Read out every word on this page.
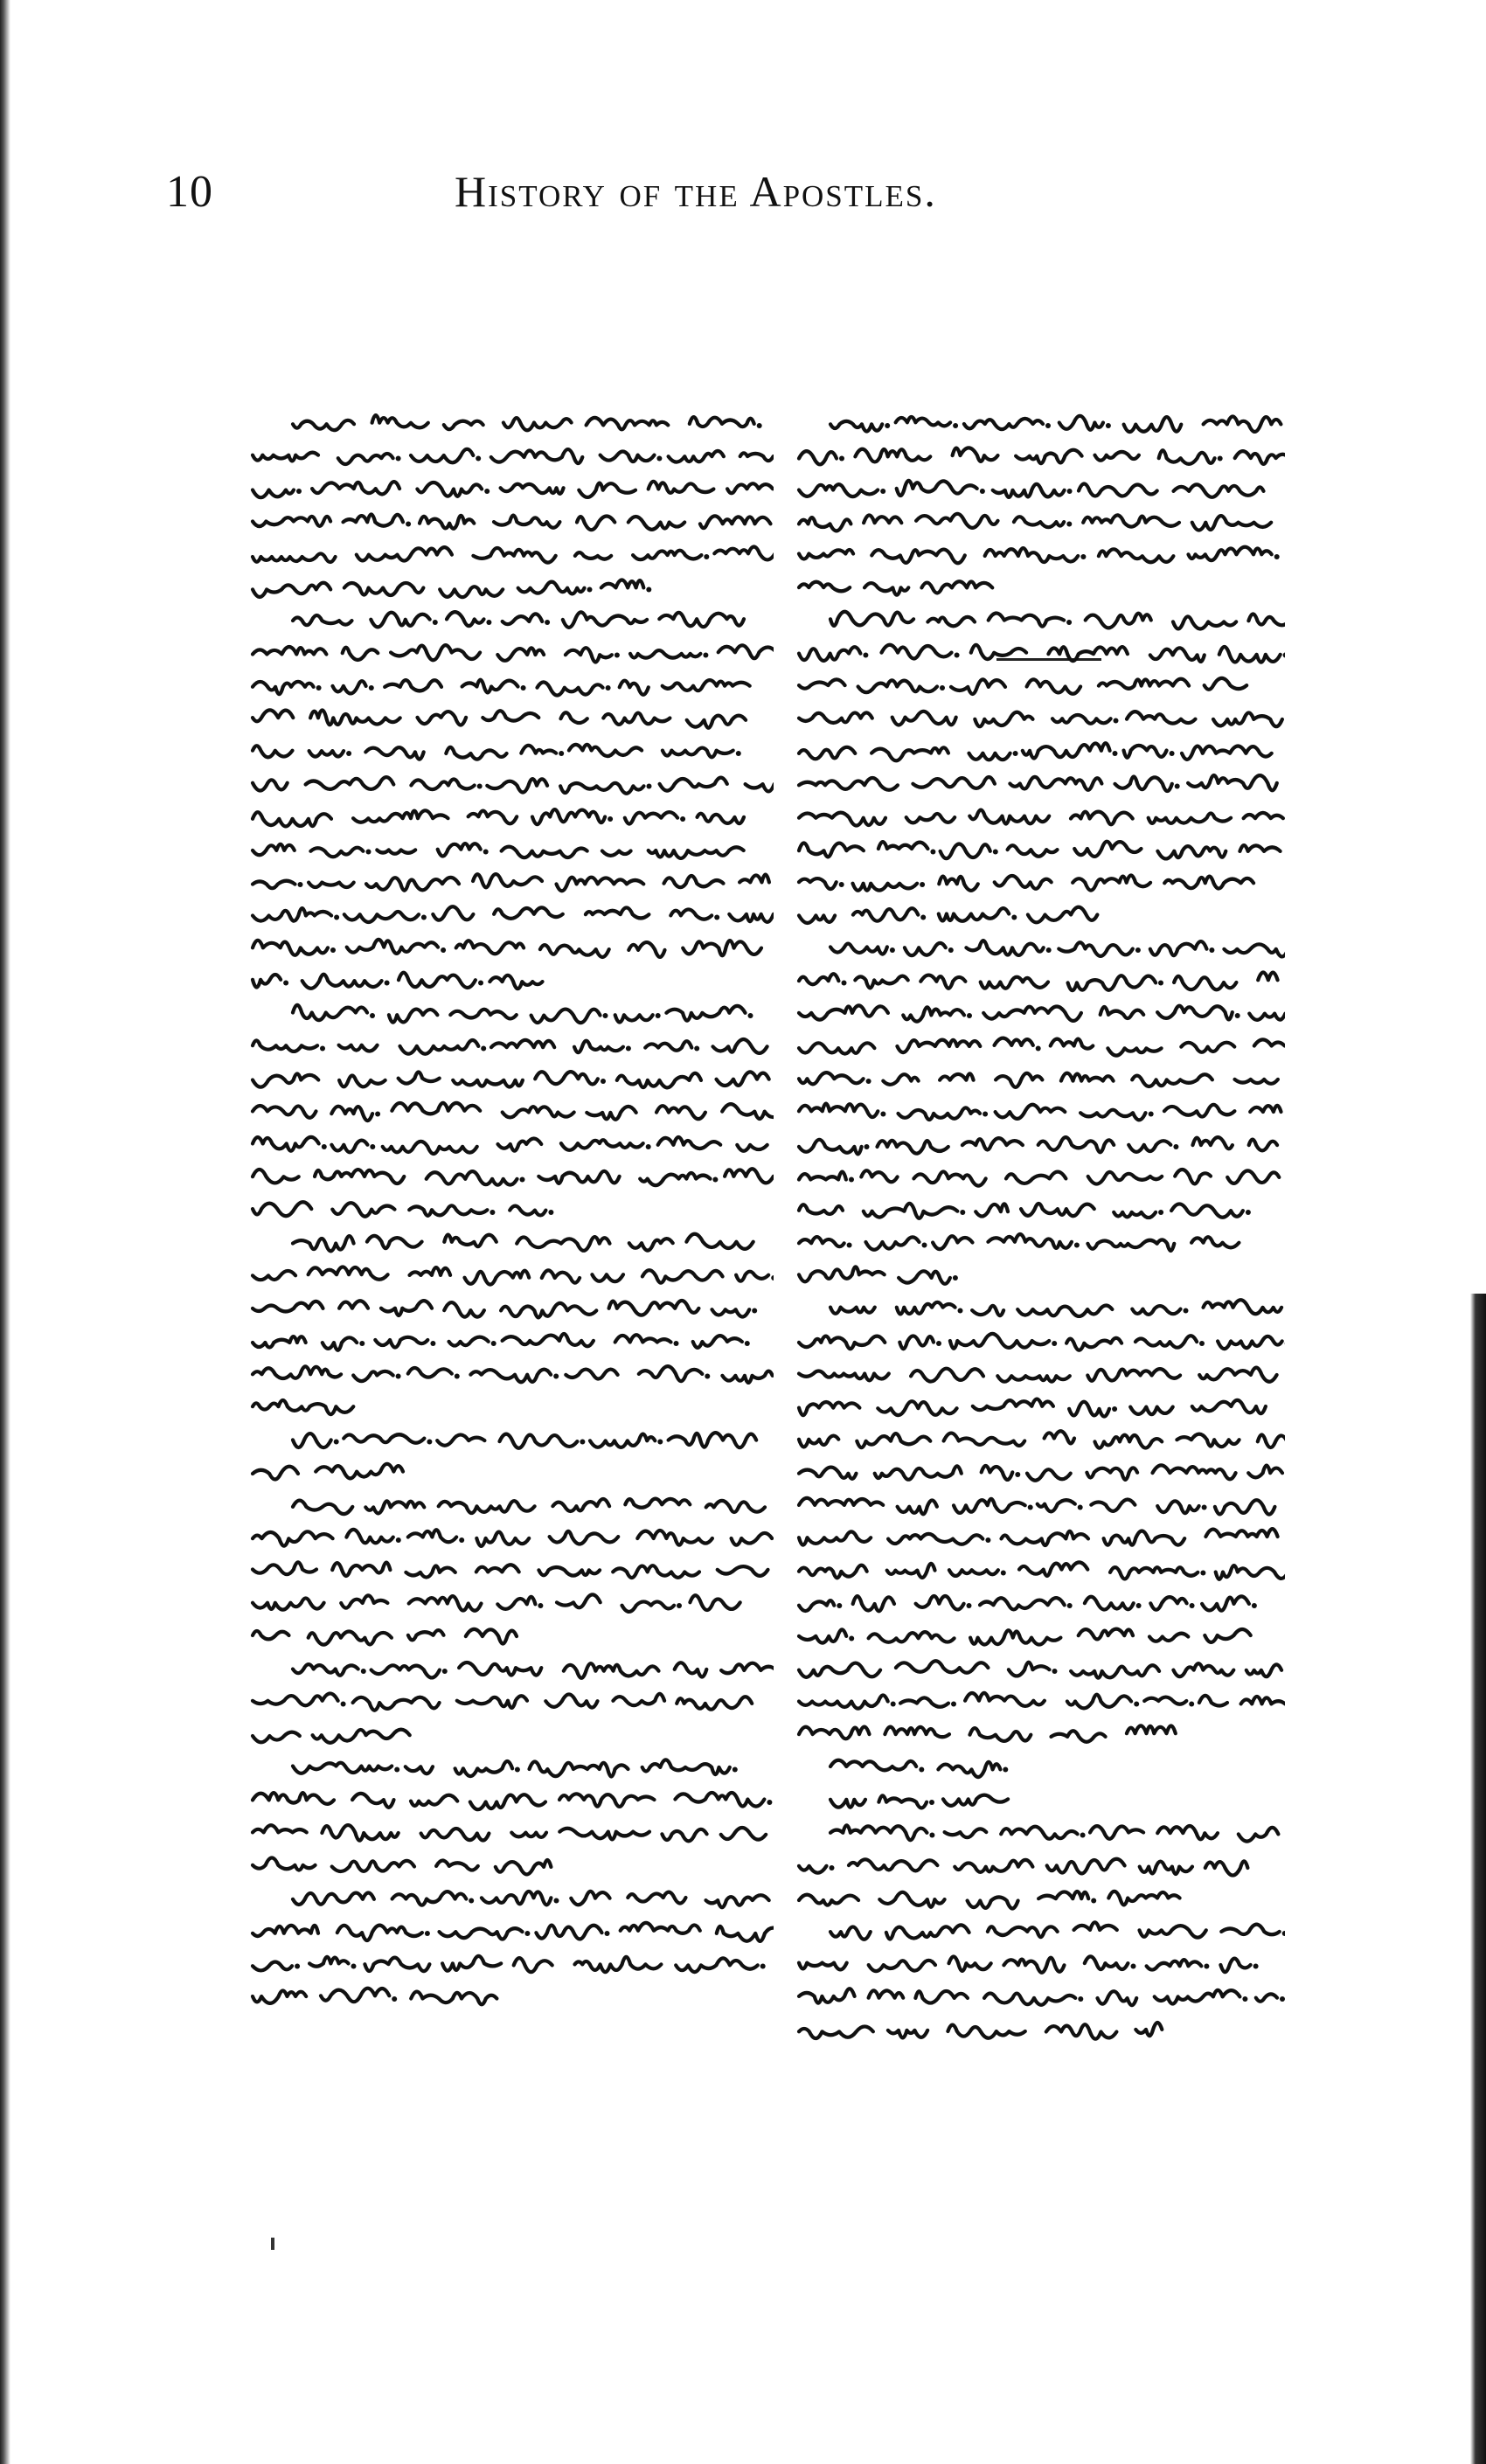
10	History of the Apostles.
